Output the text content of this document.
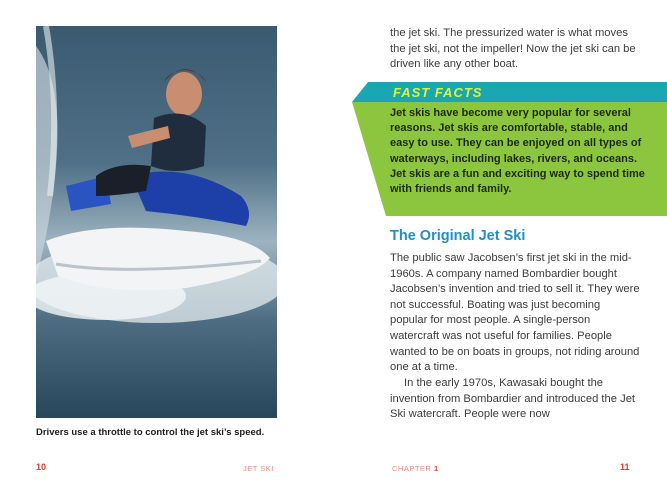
Drivers use a throttle to control the jet ski’s speed.
10	JET SKI

the jet ski. The pressurized water is what moves the jet ski, not the impeller! Now the jet ski can be driven like any other boat.

FAST FACTS

Jet skis have become very popular for several reasons. Jet skis are comfortable, stable, and easy to use. They can be enjoyed on all types of waterways, including lakes, rivers, and oceans. Jet skis are a fun and exciting way to spend time with friends and family.

The Original Jet Ski

The public saw Jacobsen’s first jet ski in the mid-1960s. A company named Bombardier bought Jacobsen’s invention and tried to sell it. They were not successful. Boating was just becoming popular for most people. A single-person watercraft was not useful for families. People wanted to be on boats in groups, not riding around one at a time.

In the early 1970s, Kawasaki bought the invention from Bombardier and introduced the Jet Ski watercraft. People were now

CHAPTER 1	11
